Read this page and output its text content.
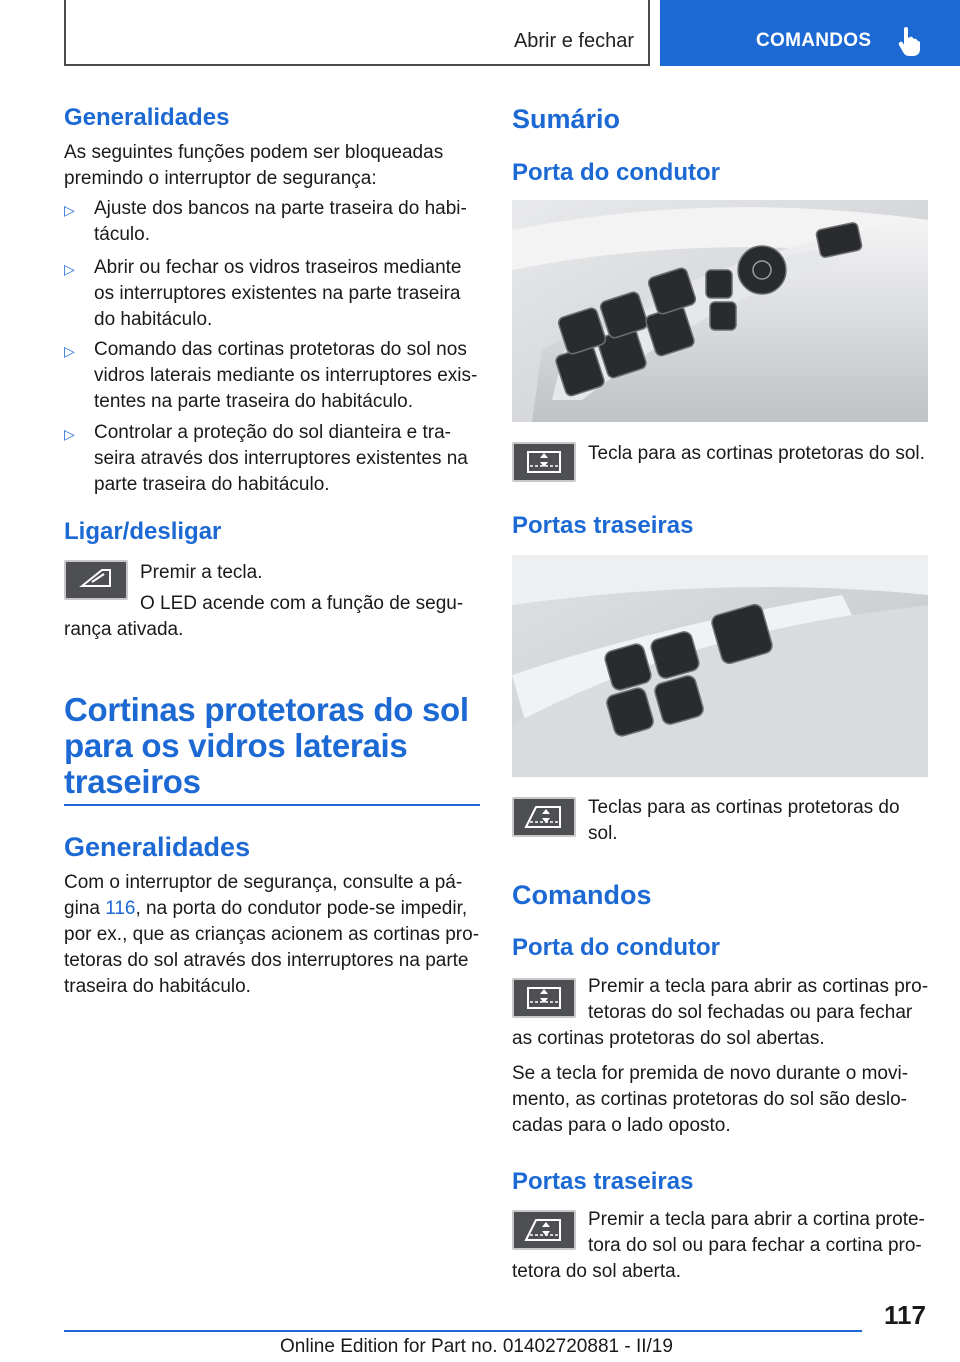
Abrir e fechar	COMANDOS
Generalidades
As seguintes funções podem ser bloqueadas premindo o interruptor de segurança:
▷ Ajuste dos bancos na parte traseira do habi-táculo.
▷ Abrir ou fechar os vidros traseiros mediante os interruptores existentes na parte traseira do habitáculo.
▷ Comando das cortinas protetoras do sol nos vidros laterais mediante os interruptores exis-tentes na parte traseira do habitáculo.
▷ Controlar a proteção do sol dianteira e tra-seira através dos interruptores existentes na parte traseira do habitáculo.
Ligar/desligar
Premir a tecla.
O LED acende com a função de segu-
rança ativada.
Cortinas protetoras do sol
para os vidros laterais
traseiros
Generalidades
Com o interruptor de segurança, consulte a pá-
gina 116, na porta do condutor pode-se impedir,
por ex., que as crianças acionem as cortinas pro-
tetoras do sol através dos interruptores na parte
traseira do habitáculo.
Sumário
Porta do condutor
Tecla para as cortinas protetoras do sol.
Portas traseiras
Teclas para as cortinas protetoras do
sol.
Comandos
Porta do condutor
Premir a tecla para abrir as cortinas pro-
tetoras do sol fechadas ou para fechar
as cortinas protetoras do sol abertas.
Se a tecla for premida de novo durante o movi-
mento, as cortinas protetoras do sol são deslo-
cadas para o lado oposto.
Portas traseiras
Premir a tecla para abrir a cortina prote-
tora do sol ou para fechar a cortina pro-
tetora do sol aberta.
117
Online Edition for Part no. 01402720881 - II/19
